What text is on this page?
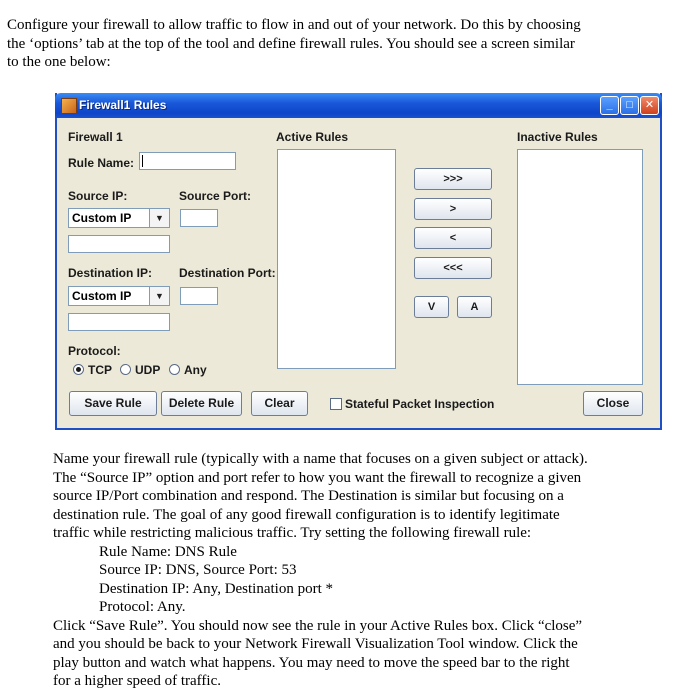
Configure your firewall to allow traffic to flow in and out of your network. Do this by choosing
the ‘options’ tab at the top of the tool and define firewall rules. You should see a screen similar
to the one below:
Firewall1 Rules	_	□	✕
Firewall 1
Rule Name:
Source IP:	Source Port:
Custom IP	▼
Destination IP: Destination Port:
Custom IP	▼
Protocol:
TCP UDP Any
Active Rules
>>>
>
<
<<<
V	A
Inactive Rules
Save Rule	Delete Rule	Clear	Stateful Packet Inspection	Close
Name your firewall rule (typically with a name that focuses on a given subject or attack).
The “Source IP” option and port refer to how you want the firewall to recognize a given
source IP/Port combination and respond. The Destination is similar but focusing on a
destination rule. The goal of any good firewall configuration is to identify legitimate
traffic while restricting malicious traffic. Try setting the following firewall rule:
Rule Name: DNS Rule
Source IP: DNS, Source Port: 53
Destination IP: Any, Destination port *
Protocol: Any.
Click “Save Rule”. You should now see the rule in your Active Rules box. Click “close”
and you should be back to your Network Firewall Visualization Tool window. Click the
play button and watch what happens. You may need to move the speed bar to the right
for a higher speed of traffic.
